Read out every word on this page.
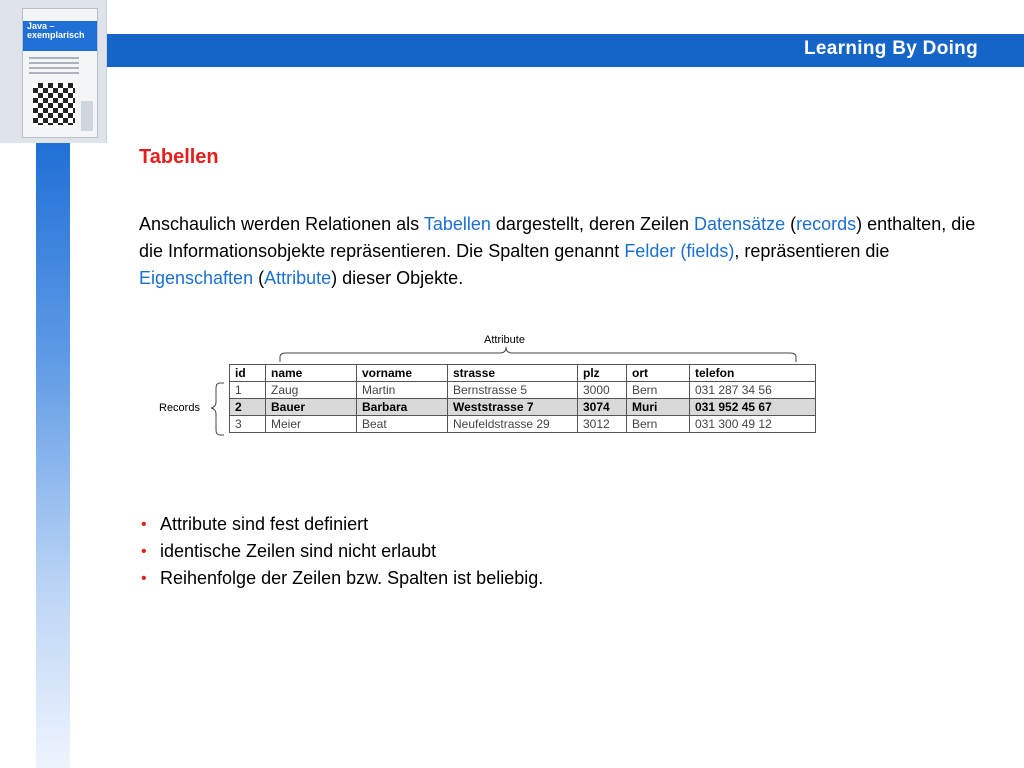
Learning By Doing
Java –
exemplarisch
Tabellen
Anschaulich werden Relationen als Tabellen dargestellt, deren Zeilen Datensätze (records) enthalten, die die Informationsobjekte repräsentieren. Die Spalten genannt Felder (fields), repräsentieren die Eigenschaften (Attribute) dieser Objekte.
Attribute
Records
id	name	vorname	strasse	plz	ort	telefon
1	Zaug	Martin	Bernstrasse 5	3000	Bern	031 287 34 56
2	Bauer	Barbara	Weststrasse 7	3074	Muri	031 952 45 67
3	Meier	Beat	Neufeldstrasse 29	3012	Bern	031 300 49 12
• Attribute sind fest definiert
• identische Zeilen sind nicht erlaubt
• Reihenfolge der Zeilen bzw. Spalten ist beliebig.
